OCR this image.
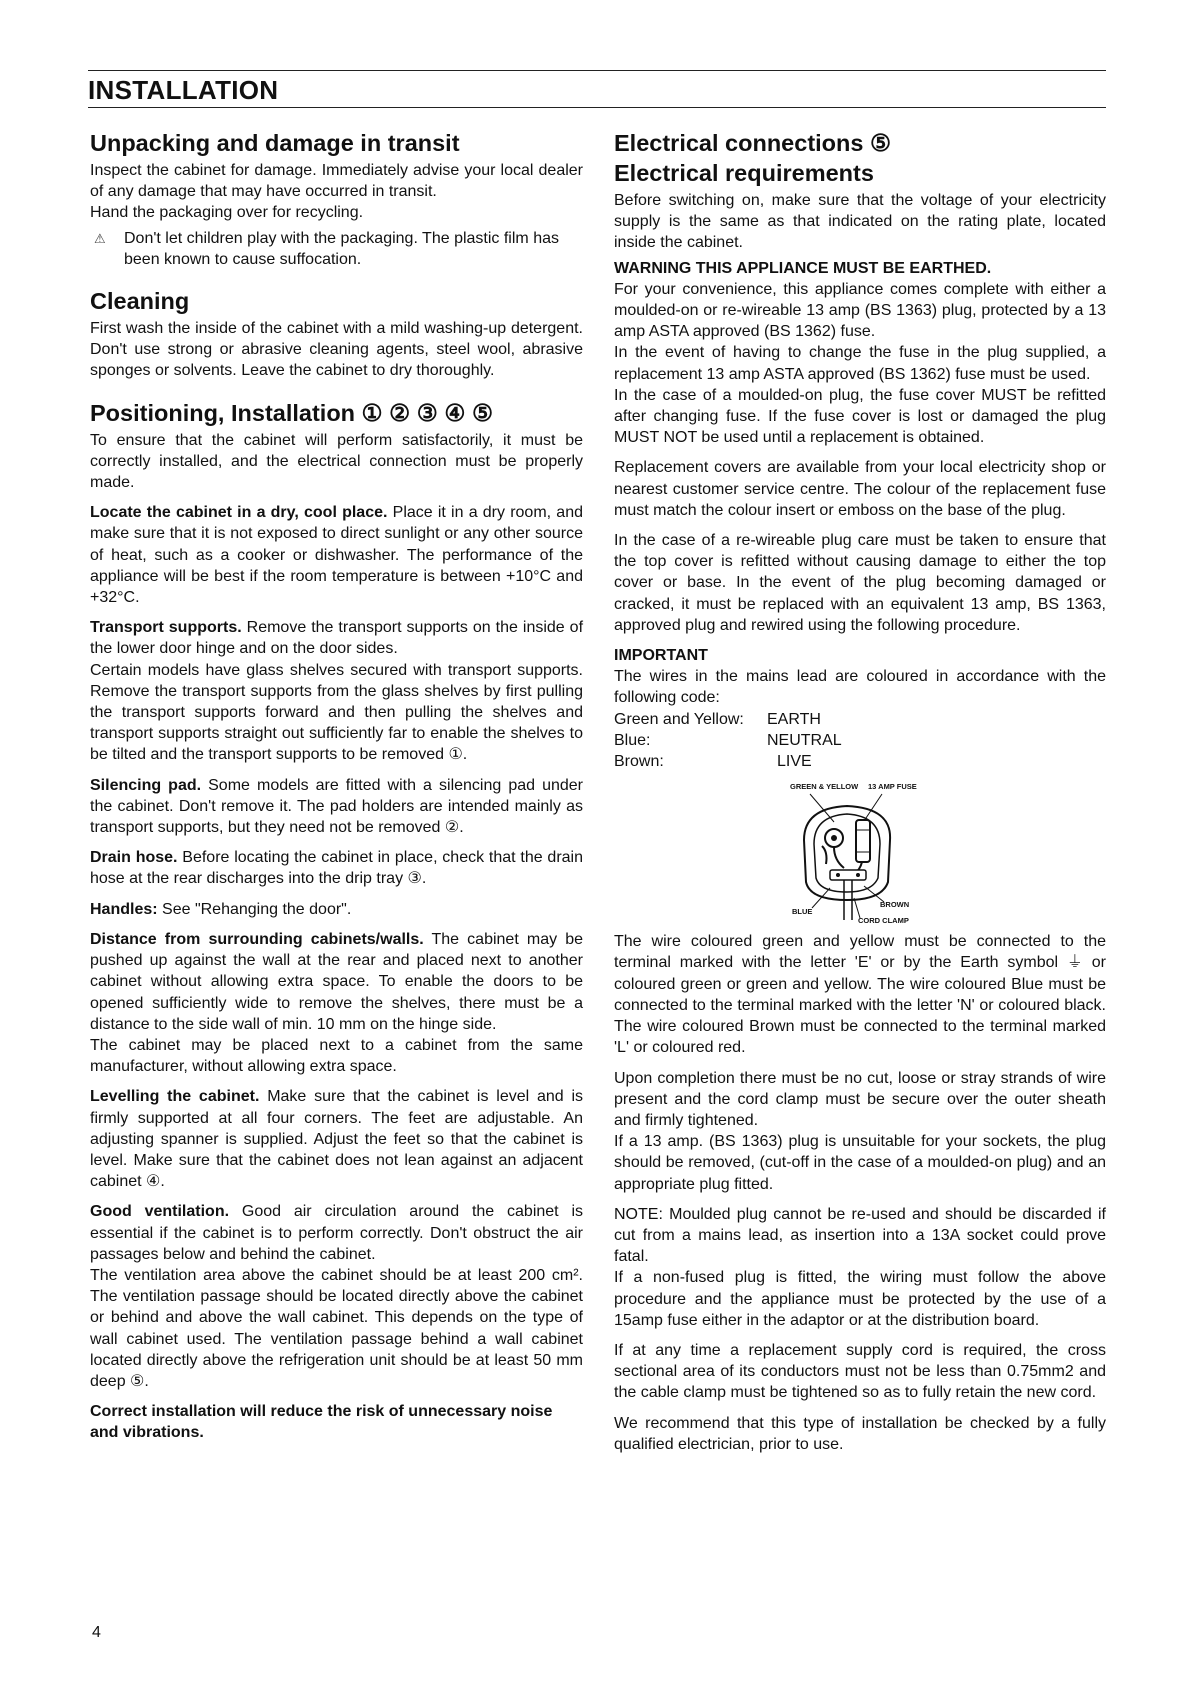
INSTALLATION
Unpacking and damage in transit

Inspect the cabinet for damage. Immediately advise your local dealer of any damage that may have occurred in transit.

Hand the packaging over for recycling.

⚠	Don't let children play with the packaging. The plastic film has been known to cause suffocation.
Cleaning

First wash the inside of the cabinet with a mild washing-up detergent. Don't use strong or abrasive cleaning agents, steel wool, abrasive sponges or solvents. Leave the cabinet to dry thoroughly.

Positioning, Installation ① ② ③ ④ ⑤

To ensure that the cabinet will perform satisfactorily, it must be correctly installed, and the electrical connection must be properly made.

Locate the cabinet in a dry, cool place. Place it in a dry room, and make sure that it is not exposed to direct sunlight or any other source of heat, such as a cooker or dishwasher. The performance of the appliance will be best if the room temperature is between +10°C and +32°C.

Transport supports. Remove the transport supports on the inside of the lower door hinge and on the door sides.

Certain models have glass shelves secured with transport supports. Remove the transport supports from the glass shelves by first pulling the transport supports forward and then pulling the shelves and transport supports straight out sufficiently far to enable the shelves to be tilted and the transport supports to be removed ①.

Silencing pad. Some models are fitted with a silencing pad under the cabinet. Don't remove it. The pad holders are intended mainly as transport supports, but they need not be removed ②.

Drain hose. Before locating the cabinet in place, check that the drain hose at the rear discharges into the drip tray ③.

Handles: See "Rehanging the door".

Distance from surrounding cabinets/walls. The cabinet may be pushed up against the wall at the rear and placed next to another cabinet without allowing extra space. To enable the doors to be opened sufficiently wide to remove the shelves, there must be a distance to the side wall of min. 10 mm on the hinge side.

The cabinet may be placed next to a cabinet from the same manufacturer, without allowing extra space.

Levelling the cabinet. Make sure that the cabinet is level and is firmly supported at all four corners. The feet are adjustable. An adjusting spanner is supplied. Adjust the feet so that the cabinet is level. Make sure that the cabinet does not lean against an adjacent cabinet ④.

Good ventilation. Good air circulation around the cabinet is essential if the cabinet is to perform correctly. Don't obstruct the air passages below and behind the cabinet.

The ventilation area above the cabinet should be at least 200 cm². The ventilation passage should be located directly above the cabinet or behind and above the wall cabinet. This depends on the type of wall cabinet used. The ventilation passage behind a wall cabinet located directly above the refrigeration unit should be at least 50 mm deep ⑤.

Correct installation will reduce the risk of unnecessary noise and vibrations.

Electrical connections ⑤
Electrical requirements

Before switching on, make sure that the voltage of your electricity supply is the same as that indicated on the rating plate, located inside the cabinet.

WARNING THIS APPLIANCE MUST BE EARTHED.

For your convenience, this appliance comes complete with either a moulded-on or re-wireable 13 amp (BS 1363) plug, protected by a 13 amp ASTA approved (BS 1362) fuse.

In the event of having to change the fuse in the plug supplied, a replacement 13 amp ASTA approved (BS 1362) fuse must be used.

In the case of a moulded-on plug, the fuse cover MUST be refitted after changing fuse. If the fuse cover is lost or damaged the plug MUST NOT be used until a replacement is obtained.

Replacement covers are available from your local electricity shop or nearest customer service centre. The colour of the replacement fuse must match the colour insert or emboss on the base of the plug.

In the case of a re-wireable plug care must be taken to ensure that the top cover is refitted without causing damage to either the top cover or base. In the event of the plug becoming damaged or cracked, it must be replaced with an equivalent 13 amp, BS 1363, approved plug and rewired using the following procedure.

IMPORTANT

The wires in the mains lead are coloured in accordance with the following code:

Green and Yellow:	EARTH
Blue:	NEUTRAL
Brown:	LIVE
GREEN & YELLOW 13 AMP FUSE
BLUE
BROWN
CORD CLAMP

The wire coloured green and yellow must be connected to the terminal marked with the letter 'E' or by the Earth symbol ⏚ or coloured green or green and yellow. The wire coloured Blue must be connected to the terminal marked with the letter 'N' or coloured black. The wire coloured Brown must be connected to the terminal marked 'L' or coloured red.

Upon completion there must be no cut, loose or stray strands of wire present and the cord clamp must be secure over the outer sheath and firmly tightened.

If a 13 amp. (BS 1363) plug is unsuitable for your sockets, the plug should be removed, (cut-off in the case of a moulded-on plug) and an appropriate plug fitted.

NOTE: Moulded plug cannot be re-used and should be discarded if cut from a mains lead, as insertion into a 13A socket could prove fatal.

If a non-fused plug is fitted, the wiring must follow the above procedure and the appliance must be protected by the use of a 15amp fuse either in the adaptor or at the distribution board.

If at any time a replacement supply cord is required, the cross sectional area of its conductors must not be less than 0.75mm2 and the cable clamp must be tightened so as to fully retain the new cord.

We recommend that this type of installation be checked by a fully qualified electrician, prior to use.

4
